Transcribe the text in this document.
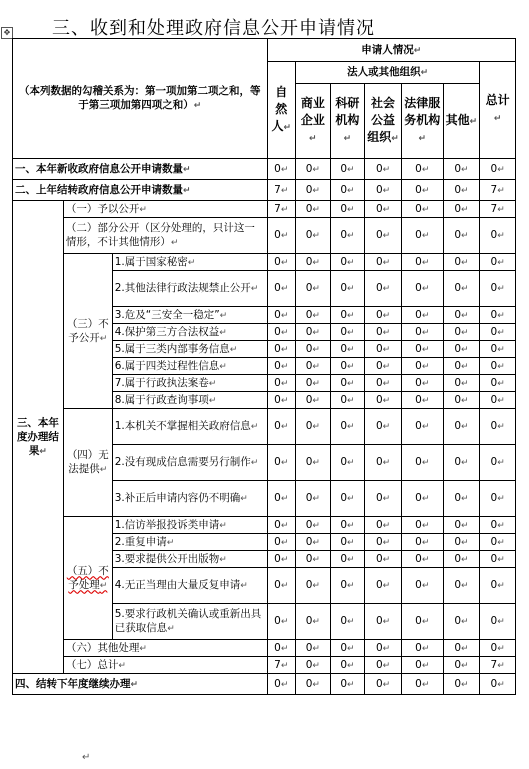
✥ 三、收到和处理政府信息公开申请情况
（本列数据的勾稽关系为：第一项加第二项之和，等于第三项加第四项之和）↵			申请人情况↵						
			自然人↵	法人或其他组织↵					总计↵
				商业企业↵	科研机构↵	社会公益组织↵	法律服务机构↵	其他↵	
一、本年新收政府信息公开申请数量↵			0↵	0↵	0↵	0↵	0↵	0↵	0↵
二、上年结转政府信息公开申请数量↵			7↵	0↵	0↵	0↵	0↵	0↵	7↵
三、本年度办理结果↵	（一）予以公开↵		7↵	0↵	0↵	0↵	0↵	0↵	7↵
	（二）部分公开（区分处理的，只计这一情形，不计其他情形）↵		0↵	0↵	0↵	0↵	0↵	0↵	0↵
	（三）不予公开↵	1.属于国家秘密↵	0↵	0↵	0↵	0↵	0↵	0↵	0↵
		2.其他法律行政法规禁止公开↵	0↵	0↵	0↵	0↵	0↵	0↵	0↵
		3.危及“三安全一稳定”↵	0↵	0↵	0↵	0↵	0↵	0↵	0↵
		4.保护第三方合法权益↵	0↵	0↵	0↵	0↵	0↵	0↵	0↵
		5.属于三类内部事务信息↵	0↵	0↵	0↵	0↵	0↵	0↵	0↵
		6.属于四类过程性信息↵	0↵	0↵	0↵	0↵	0↵	0↵	0↵
		7.属于行政执法案卷↵	0↵	0↵	0↵	0↵	0↵	0↵	0↵
		8.属于行政查询事项↵	0↵	0↵	0↵	0↵	0↵	0↵	0↵
	（四）无法提供↵	1.本机关不掌握相关政府信息↵	0↵	0↵	0↵	0↵	0↵	0↵	0↵
		2.没有现成信息需要另行制作↵	0↵	0↵	0↵	0↵	0↵	0↵	0↵
		3.补正后申请内容仍不明确↵	0↵	0↵	0↵	0↵	0↵	0↵	0↵
	（五）不予处理↵	1.信访举报投诉类申请↵	0↵	0↵	0↵	0↵	0↵	0↵	0↵
		2.重复申请↵	0↵	0↵	0↵	0↵	0↵	0↵	0↵
		3.要求提供公开出版物↵	0↵	0↵	0↵	0↵	0↵	0↵	0↵
		4.无正当理由大量反复申请↵	0↵	0↵	0↵	0↵	0↵	0↵	0↵
		5.要求行政机关确认或重新出具已获取信息↵	0↵	0↵	0↵	0↵	0↵	0↵	0↵
	（六）其他处理↵		0↵	0↵	0↵	0↵	0↵	0↵	0↵
	（七）总计↵		7↵	0↵	0↵	0↵	0↵	0↵	7↵
四、结转下年度继续办理↵			0↵	0↵	0↵	0↵	0↵	0↵	0↵
↵
